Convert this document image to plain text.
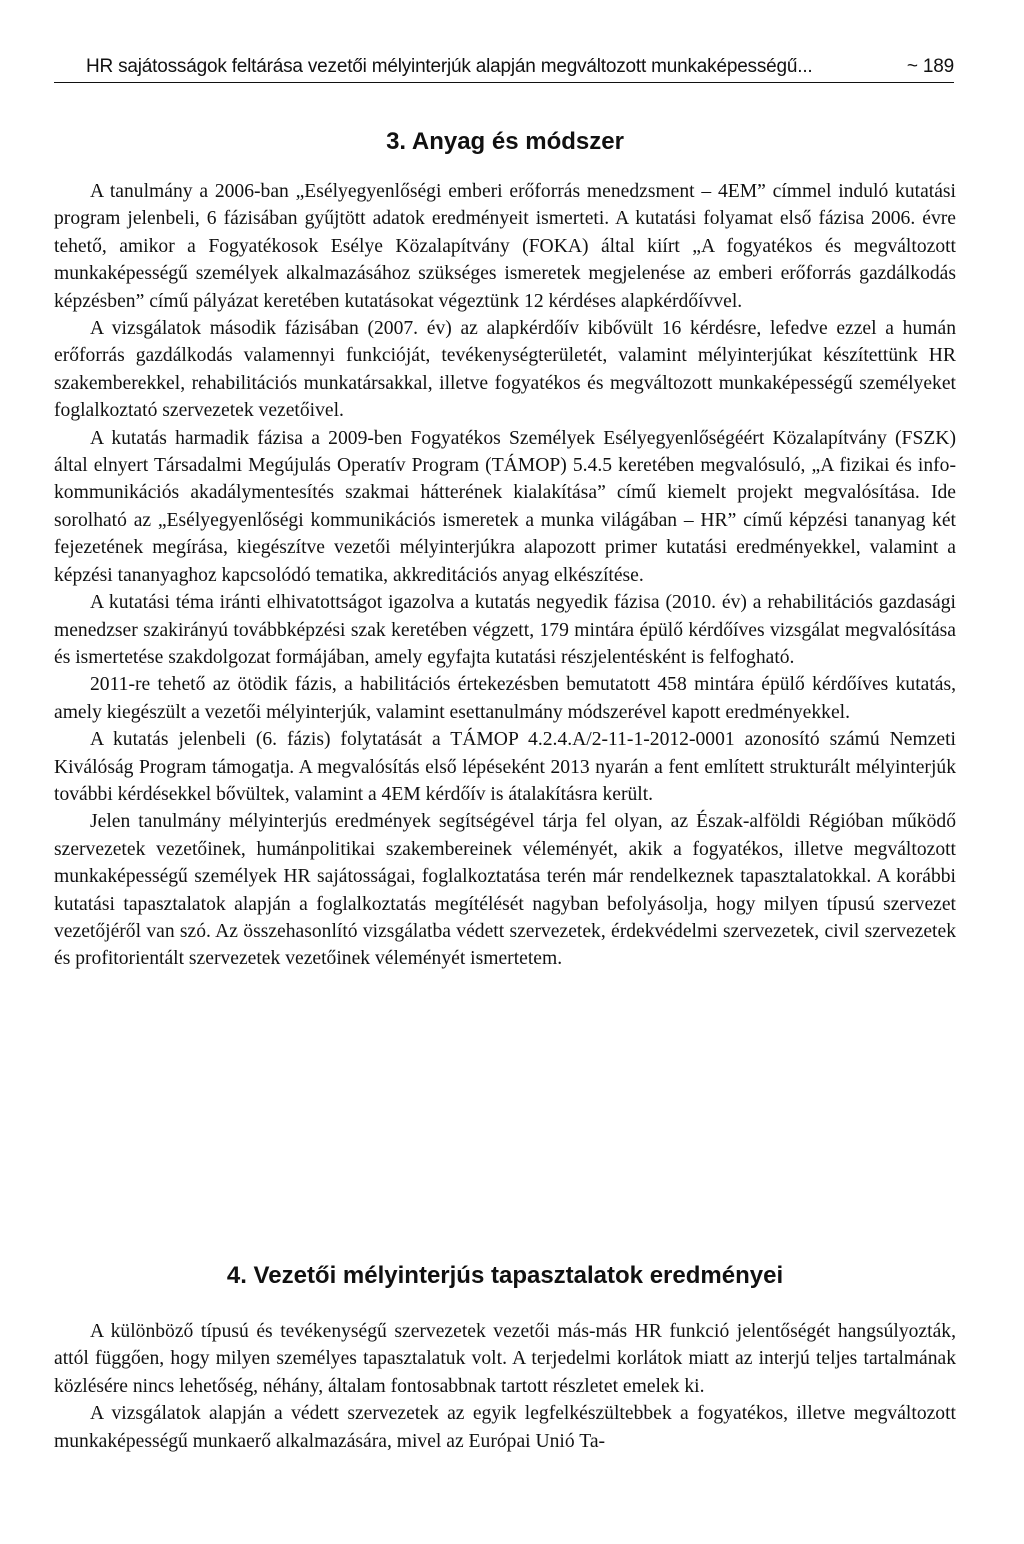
HR sajátosságok feltárása vezetői mélyinterjúk alapján megváltozott munkaképességű...	~ 189
3. Anyag és módszer

A tanulmány a 2006-ban „Esélyegyenlőségi emberi erőforrás menedzsment – 4EM” címmel induló kutatási program jelenbeli, 6 fázisában gyűjtött adatok eredményeit ismerteti. A kutatási folyamat első fázisa 2006. évre tehető, amikor a Fogyatékosok Esélye Közalapítvány (FOKA) által kiírt „A fogyatékos és megváltozott munkaképességű személyek alkalmazásához szükséges ismeretek megjelenése az emberi erőforrás gazdálkodás képzésben” című pályázat keretében kutatásokat végeztünk 12 kérdéses alapkérdőívvel.

A vizsgálatok második fázisában (2007. év) az alapkérdőív kibővült 16 kérdésre, lefedve ezzel a humán erőforrás gazdálkodás valamennyi funkcióját, tevékenységterületét, valamint mélyinterjúkat készítettünk HR szakemberekkel, rehabilitációs munkatársakkal, illetve fogyatékos és megváltozott munkaképességű személyeket foglalkoztató szervezetek vezetőivel.

A kutatás harmadik fázisa a 2009-ben Fogyatékos Személyek Esélyegyenlőségéért Közalapítvány (FSZK) által elnyert Társadalmi Megújulás Operatív Program (TÁMOP) 5.4.5 keretében megvalósuló, „A fizikai és info-kommunikációs akadálymentesítés szakmai hátterének kialakítása” című kiemelt projekt megvalósítása. Ide sorolható az „Esélyegyenlőségi kommunikációs ismeretek a munka világában – HR” című képzési tananyag két fejezetének megírása, kiegészítve vezetői mélyinterjúkra alapozott primer kutatási eredményekkel, valamint a képzési tananyaghoz kapcsolódó tematika, akkreditációs anyag elkészítése.

A kutatási téma iránti elhivatottságot igazolva a kutatás negyedik fázisa (2010. év) a rehabilitációs gazdasági menedzser szakirányú továbbképzési szak keretében végzett, 179 mintára épülő kérdőíves vizsgálat megvalósítása és ismertetése szakdolgozat formájában, amely egyfajta kutatási részjelentésként is felfogható.

2011-re tehető az ötödik fázis, a habilitációs értekezésben bemutatott 458 mintára épülő kérdőíves kutatás, amely kiegészült a vezetői mélyinterjúk, valamint esettanulmány módszerével kapott eredményekkel.

A kutatás jelenbeli (6. fázis) folytatását a TÁMOP 4.2.4.A/2-11-1-2012-0001 azonosító számú Nemzeti Kiválóság Program támogatja. A megvalósítás első lépéseként 2013 nyarán a fent említett strukturált mélyinterjúk további kérdésekkel bővültek, valamint a 4EM kérdőív is átalakításra került.

Jelen tanulmány mélyinterjús eredmények segítségével tárja fel olyan, az Észak-alföldi Régióban működő szervezetek vezetőinek, humánpolitikai szakembereinek véleményét, akik a fogyatékos, illetve megváltozott munkaképességű személyek HR sajátosságai, foglalkoztatása terén már rendelkeznek tapasztalatokkal. A korábbi kutatási tapasztalatok alapján a foglalkoztatás megítélését nagyban befolyásolja, hogy milyen típusú szervezet vezetőjéről van szó. Az összehasonlító vizsgálatba védett szervezetek, érdekvédelmi szervezetek, civil szervezetek és profitorientált szervezetek vezetőinek véleményét ismertetem.

4. Vezetői mélyinterjús tapasztalatok eredményei

A különböző típusú és tevékenységű szervezetek vezetői más-más HR funkció jelentőségét hangsúlyozták, attól függően, hogy milyen személyes tapasztalatuk volt. A terjedelmi korlátok miatt az interjú teljes tartalmának közlésére nincs lehetőség, néhány, általam fontosabbnak tartott részletet emelek ki.

A vizsgálatok alapján a védett szervezetek az egyik legfelkészültebbek a fogyatékos, illetve megváltozott munkaképességű munkaerő alkalmazására, mivel az Európai Unió Ta-
